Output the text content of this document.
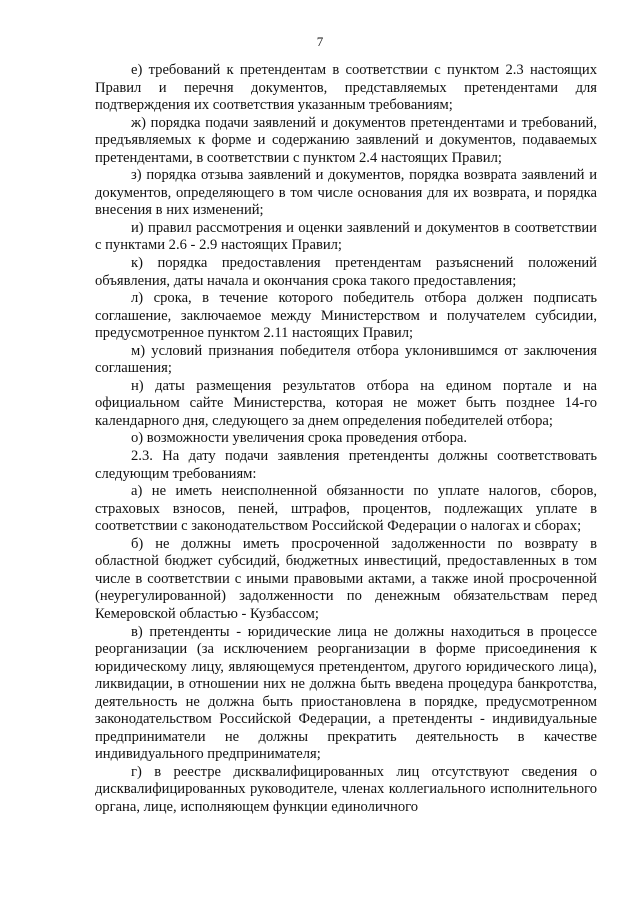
7

е) требований к претендентам в соответствии с пунктом 2.3 настоящих Правил и перечня документов, представляемых претендентами для подтверждения их соответствия указанным требованиям;

ж) порядка подачи заявлений и документов претендентами и требований, предъявляемых к форме и содержанию заявлений и документов, подаваемых претендентами, в соответствии с пунктом 2.4 настоящих Правил;

з) порядка отзыва заявлений и документов, порядка возврата заявлений и документов, определяющего в том числе основания для их возврата, и порядка внесения в них изменений;

и) правил рассмотрения и оценки заявлений и документов в соответствии с пунктами 2.6 - 2.9 настоящих Правил;

к) порядка предоставления претендентам разъяснений положений объявления, даты начала и окончания срока такого предоставления;

л) срока, в течение которого победитель отбора должен подписать соглашение, заключаемое между Министерством и получателем субсидии, предусмотренное пунктом 2.11 настоящих Правил;

м) условий признания победителя отбора уклонившимся от заключения соглашения;

н) даты размещения результатов отбора на едином портале и на официальном сайте Министерства, которая не может быть позднее 14-го календарного дня, следующего за днем определения победителей отбора;

о) возможности увеличения срока проведения отбора.

2.3. На дату подачи заявления претенденты должны соответствовать следующим требованиям:

а) не иметь неисполненной обязанности по уплате налогов, сборов, страховых взносов, пеней, штрафов, процентов, подлежащих уплате в соответствии с законодательством Российской Федерации о налогах и сборах;

б) не должны иметь просроченной задолженности по возврату в областной бюджет субсидий, бюджетных инвестиций, предоставленных в том числе в соответствии с иными правовыми актами, а также иной просроченной (неурегулированной) задолженности по денежным обязательствам перед Кемеровской областью - Кузбассом;

в) претенденты - юридические лица не должны находиться в процессе реорганизации (за исключением реорганизации в форме присоединения к юридическому лицу, являющемуся претендентом, другого юридического лица), ликвидации, в отношении них не должна быть введена процедура банкротства, деятельность не должна быть приостановлена в порядке, предусмотренном законодательством Российской Федерации, а претенденты - индивидуальные предприниматели не должны прекратить деятельность в качестве индивидуального предпринимателя;

г) в реестре дисквалифицированных лиц отсутствуют сведения о дисквалифицированных руководителе, членах коллегиального исполнительного органа, лице, исполняющем функции единоличного
